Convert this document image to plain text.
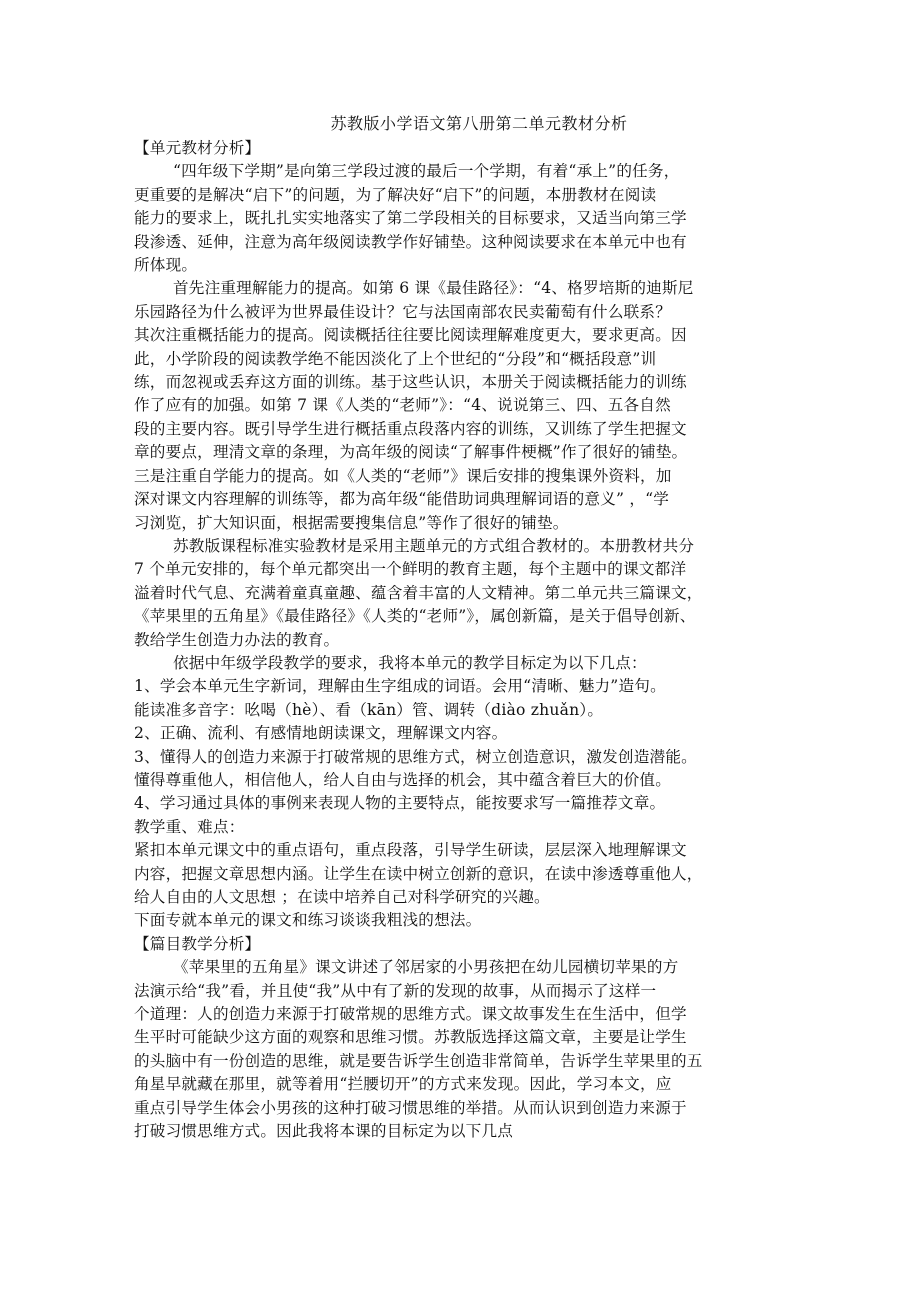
苏教版小学语文第八册第二单元教材分析
【单元教材分析】
“四年级下学期”是向第三学段过渡的最后一个学期，有着“承上”的任务，
更重要的是解决“启下”的问题，为了解决好“启下”的问题，本册教材在阅读
能力的要求上，既扎扎实实地落实了第二学段相关的目标要求，又适当向第三学
段渗透、延伸，注意为高年级阅读教学作好铺垫。这种阅读要求在本单元中也有
所体现。
首先注重理解能力的提高。如第 6 课《最佳路径》：“4、格罗培斯的迪斯尼
乐园路径为什么被评为世界最佳设计？它与法国南部农民卖葡萄有什么联系？
其次注重概括能力的提高。阅读概括往往要比阅读理解难度更大，要求更高。因
此，小学阶段的阅读教学绝不能因淡化了上个世纪的“分段”和“概括段意”训
练，而忽视或丢弃这方面的训练。基于这些认识，本册关于阅读概括能力的训练
作了应有的加强。如第 7 课《人类的“老师”》：“4、说说第三、四、五各自然
段的主要内容。既引导学生进行概括重点段落内容的训练，又训练了学生把握文
章的要点，理清文章的条理，为高年级的阅读“了解事件梗概”作了很好的铺垫。
三是注重自学能力的提高。如《人类的“老师”》课后安排的搜集课外资料，加
深对课文内容理解的训练等，都为高年级“能借助词典理解词语的意义” ，“学
习浏览，扩大知识面，根据需要搜集信息”等作了很好的铺垫。
苏教版课程标准实验教材是采用主题单元的方式组合教材的。本册教材共分
7 个单元安排的，每个单元都突出一个鲜明的教育主题，每个主题中的课文都洋
溢着时代气息、充满着童真童趣、蕴含着丰富的人文精神。第二单元共三篇课文，
《苹果里的五角星》《最佳路径》《人类的“老师”》，属创新篇，是关于倡导创新、
教给学生创造力办法的教育。
依据中年级学段教学的要求，我将本单元的教学目标定为以下几点：
1、学会本单元生字新词，理解由生字组成的词语。会用“清晰、魅力”造句。
能读准多音字：吆喝（hè）、看（kān）管、调转（diào zhuǎn）。
2、正确、流利、有感情地朗读课文，理解课文内容。
3、懂得人的创造力来源于打破常规的思维方式，树立创造意识，激发创造潜能。
懂得尊重他人，相信他人，给人自由与选择的机会，其中蕴含着巨大的价值。
4、学习通过具体的事例来表现人物的主要特点，能按要求写一篇推荐文章。
教学重、难点：
紧扣本单元课文中的重点语句，重点段落，引导学生研读，层层深入地理解课文
内容，把握文章思想内涵。让学生在读中树立创新的意识，在读中渗透尊重他人，
给人自由的人文思想 ；在读中培养自己对科学研究的兴趣。
下面专就本单元的课文和练习谈谈我粗浅的想法。
【篇目教学分析】
《苹果里的五角星》课文讲述了邻居家的小男孩把在幼儿园横切苹果的方
法演示给“我”看，并且使“我”从中有了新的发现的故事，从而揭示了这样一
个道理：人的创造力来源于打破常规的思维方式。课文故事发生在生活中，但学
生平时可能缺少这方面的观察和思维习惯。苏教版选择这篇文章，主要是让学生
的头脑中有一份创造的思维，就是要告诉学生创造非常简单，告诉学生苹果里的五
角星早就藏在那里，就等着用“拦腰切开”的方式来发现。因此，学习本文，应
重点引导学生体会小男孩的这种打破习惯思维的举措。从而认识到创造力来源于
打破习惯思维方式。因此我将本课的目标定为以下几点
